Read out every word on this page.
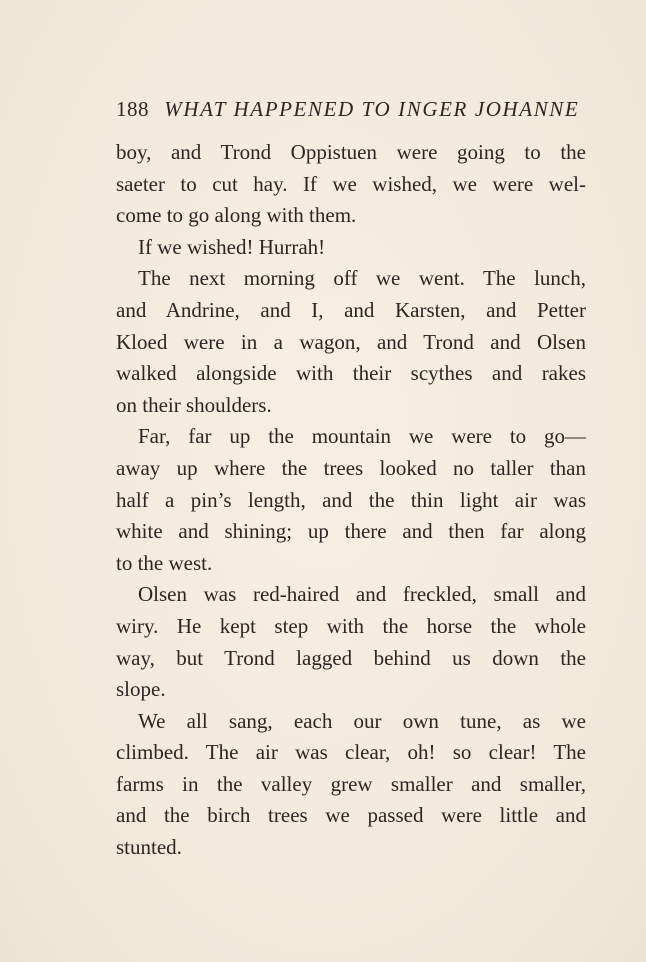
188 WHAT HAPPENED TO INGER JOHANNE
boy, and Trond Oppistuen were going to the
saeter to cut hay. If we wished, we were wel-
come to go along with them.
If we wished! Hurrah!
The next morning off we went. The lunch,
and Andrine, and I, and Karsten, and Petter
Kloed were in a wagon, and Trond and Olsen
walked alongside with their scythes and rakes
on their shoulders.
Far, far up the mountain we were to go—
away up where the trees looked no taller than
half a pin’s length, and the thin light air was
white and shining; up there and then far along
to the west.
Olsen was red-haired and freckled, small and
wiry. He kept step with the horse the whole
way, but Trond lagged behind us down the
slope.
We all sang, each our own tune, as we
climbed. The air was clear, oh! so clear! The
farms in the valley grew smaller and smaller,
and the birch trees we passed were little and
stunted.
